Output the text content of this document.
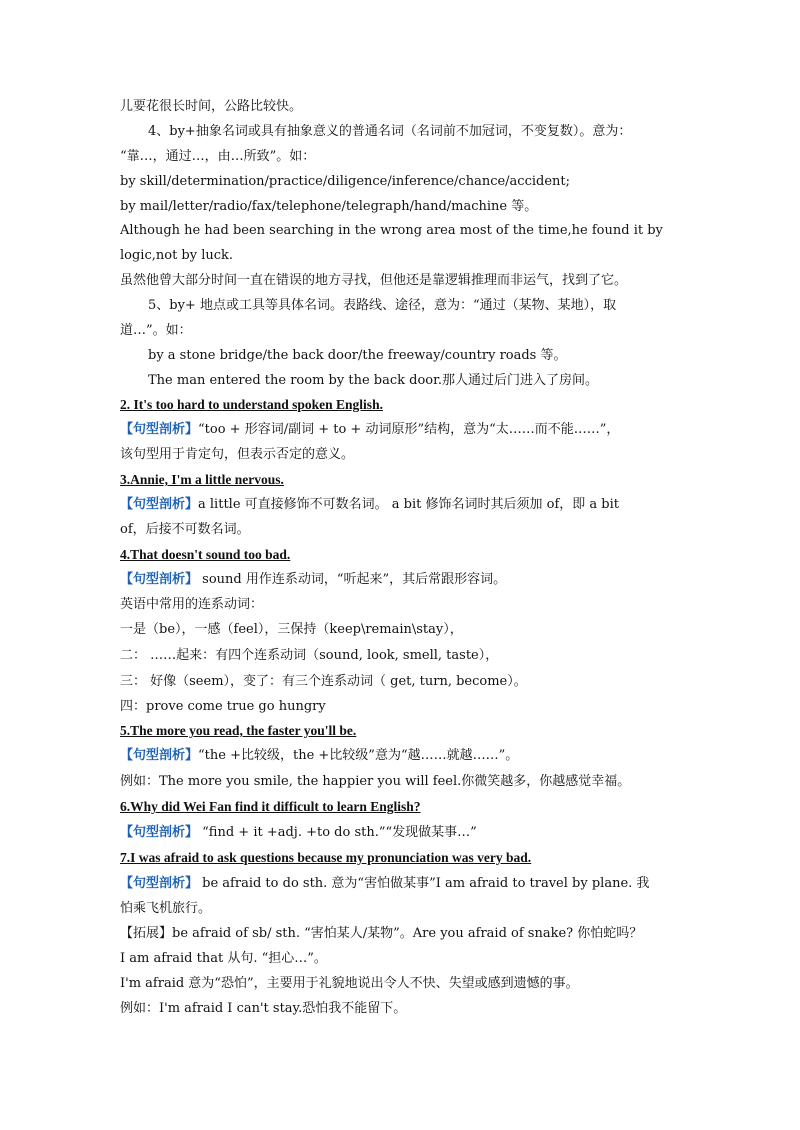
儿要花很长时间，公路比较快。
4、by+抽象名词或具有抽象意义的普通名词（名词前不加冠词，不变复数）。意为：
“靠…，通过…，由…所致”。如：
by skill/determination/practice/diligence/inference/chance/accident;
by mail/letter/radio/fax/telephone/telegraph/hand/machine 等。
Although he had been searching in the wrong area most of the time,he found it by
logic,not by luck.
虽然他曾大部分时间一直在错误的地方寻找，但他还是靠逻辑推理而非运气，找到了它。
5、by+ 地点或工具等具体名词。表路线、途径，意为：“通过（某物、某地），取
道…”。如：
by a stone bridge/the back door/the freeway/country roads 等。
The man entered the room by the back door.那人通过后门进入了房间。
2. It's too hard to understand spoken English.
【句型剖析】“too + 形容词/副词 + to + 动词原形”结构，意为“太……而不能……”，
该句型用于肯定句，但表示否定的意义。
3.Annie, I'm a little nervous.
【句型剖析】a little 可直接修饰不可数名词。 a bit 修饰名词时其后须加 of，即 a bit
of，后接不可数名词。
4.That doesn't sound too bad.
【句型剖析】 sound 用作连系动词，“听起来”，其后常跟形容词。
英语中常用的连系动词：
一是（be），一感（feel），三保持（keep\remain\stay），
二： ……起来：有四个连系动词（sound, look, smell, taste），
三： 好像（seem），变了：有三个连系动词（ get, turn, become）。
四：prove come true go hungry
5.The more you read, the faster you'll be.
【句型剖析】“the +比较级，the +比较级”意为“越……就越……”。
例如：The more you smile, the happier you will feel.你微笑越多，你越感觉幸福。
6.Why did Wei Fan find it difficult to learn English?
【句型剖析】 “find + it +adj. +to do sth.”“发现做某事…”
7.I was afraid to ask questions because my pronunciation was very bad.
【句型剖析】 be afraid to do sth. 意为“害怕做某事”I am afraid to travel by plane. 我
怕乘飞机旅行。
【拓展】be afraid of sb/ sth. “害怕某人/某物”。Are you afraid of snake? 你怕蛇吗？
I am afraid that 从句. “担心…”。
I'm afraid 意为“恐怕”，主要用于礼貌地说出令人不快、失望或感到遗憾的事。
例如：I'm afraid I can't stay.恐怕我不能留下。
